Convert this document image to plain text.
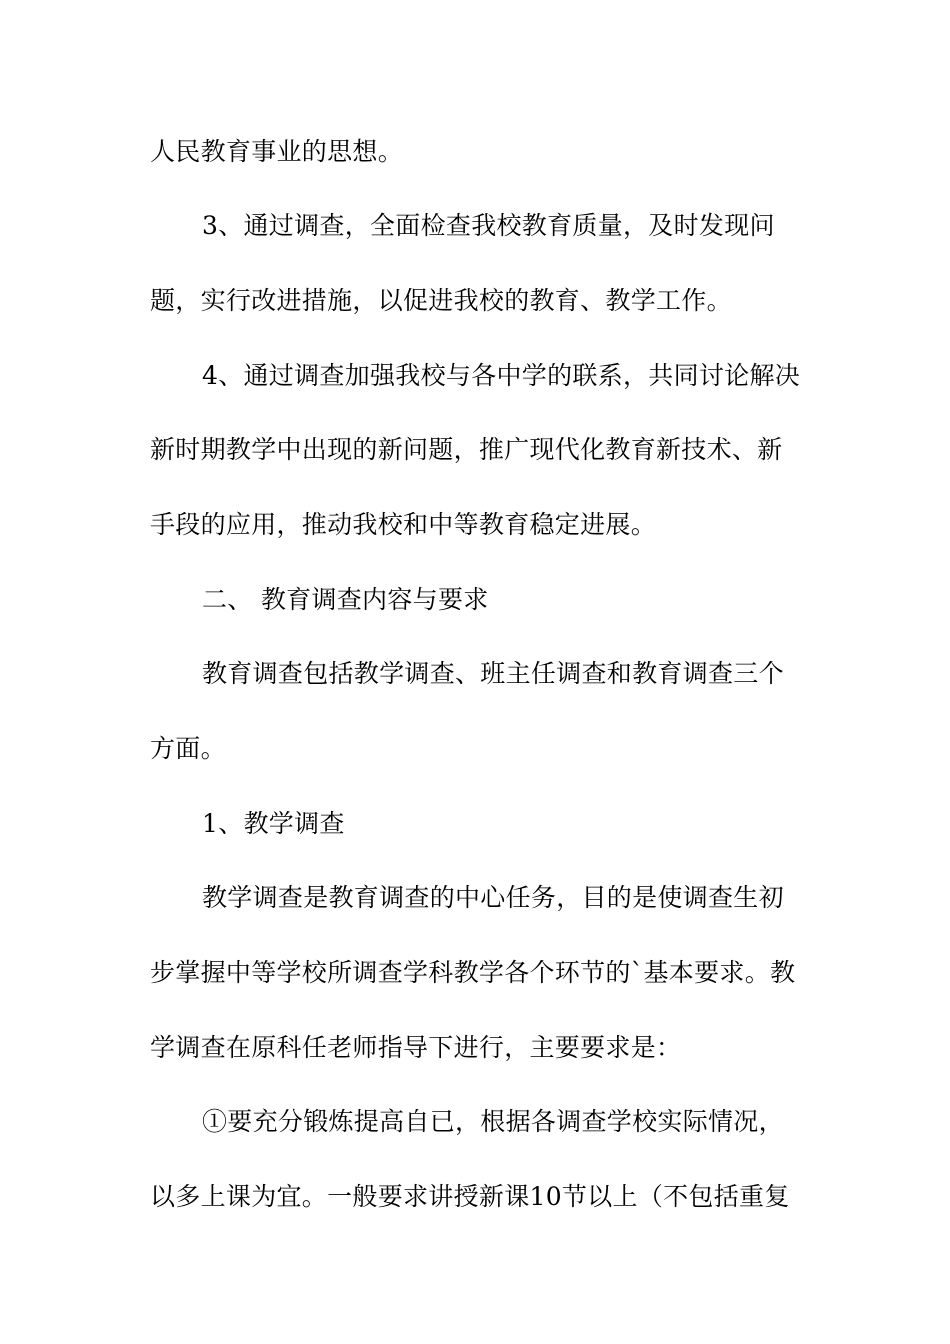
人民教育事业的思想。
3、通过调查，全面检查我校教育质量，及时发现问
题，实行改进措施，以促进我校的教育、教学工作。
4、通过调查加强我校与各中学的联系，共同讨论解决
新时期教学中出现的新问题，推广现代化教育新技术、新
手段的应用，推动我校和中等教育稳定进展。
二、 教育调查内容与要求
教育调查包括教学调查、班主任调查和教育调查三个
方面。
1、教学调查
教学调查是教育调查的中心任务，目的是使调查生初
步掌握中等学校所调查学科教学各个环节的`基本要求。教
学调查在原科任老师指导下进行，主要要求是：
①要充分锻炼提高自已，根据各调查学校实际情况，
以多上课为宜。一般要求讲授新课10节以上（不包括重复
